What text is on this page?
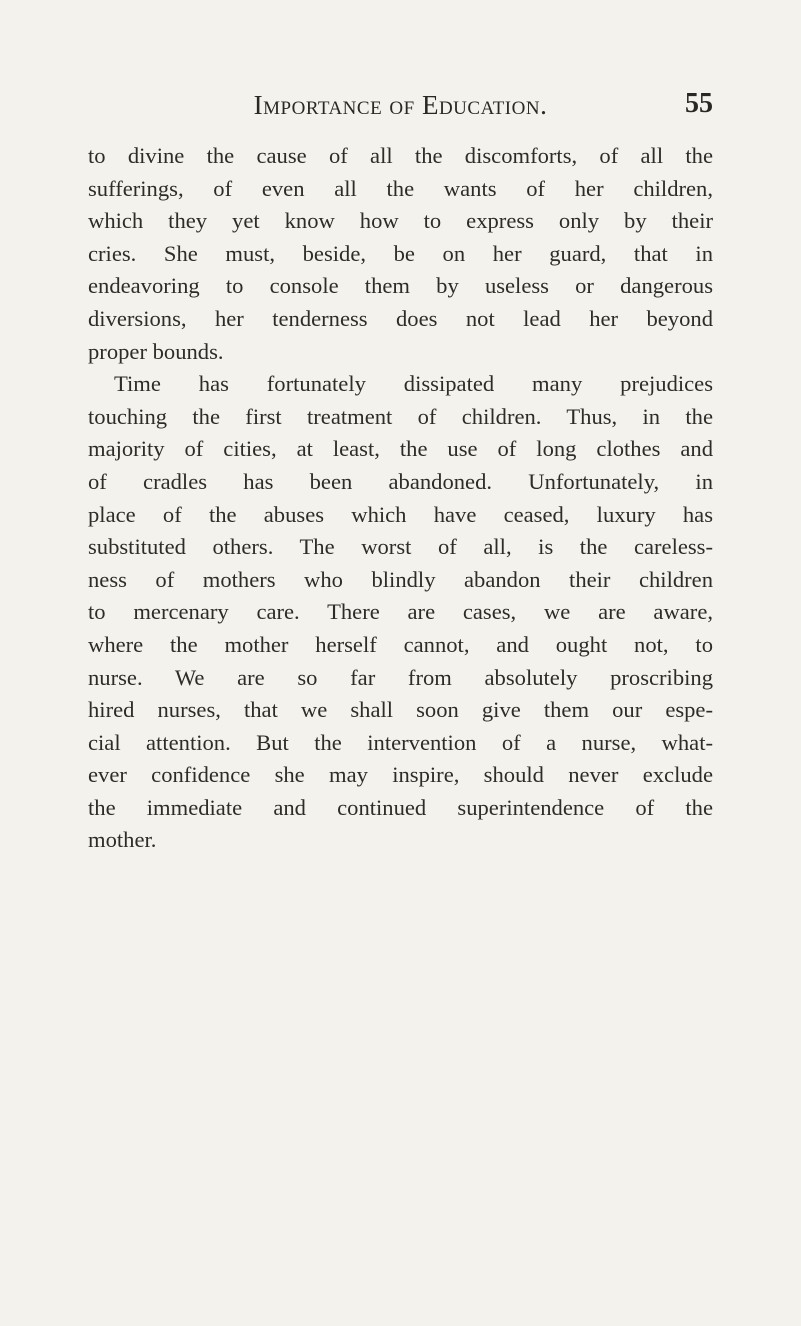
Importance of Education.	55
to divine the cause of all the discomforts, of all the
sufferings, of even all the wants of her children,
which they yet know how to express only by their
cries. She must, beside, be on her guard, that in
endeavoring to console them by useless or dangerous
diversions, her tenderness does not lead her beyond
proper bounds.
Time has fortunately dissipated many prejudices
touching the first treatment of children. Thus, in the
majority of cities, at least, the use of long clothes and
of cradles has been abandoned. Unfortunately, in
place of the abuses which have ceased, luxury has
substituted others. The worst of all, is the careless-
ness of mothers who blindly abandon their children
to mercenary care. There are cases, we are aware,
where the mother herself cannot, and ought not, to
nurse. We are so far from absolutely proscribing
hired nurses, that we shall soon give them our espe-
cial attention. But the intervention of a nurse, what-
ever confidence she may inspire, should never exclude
the immediate and continued superintendence of the
mother.
